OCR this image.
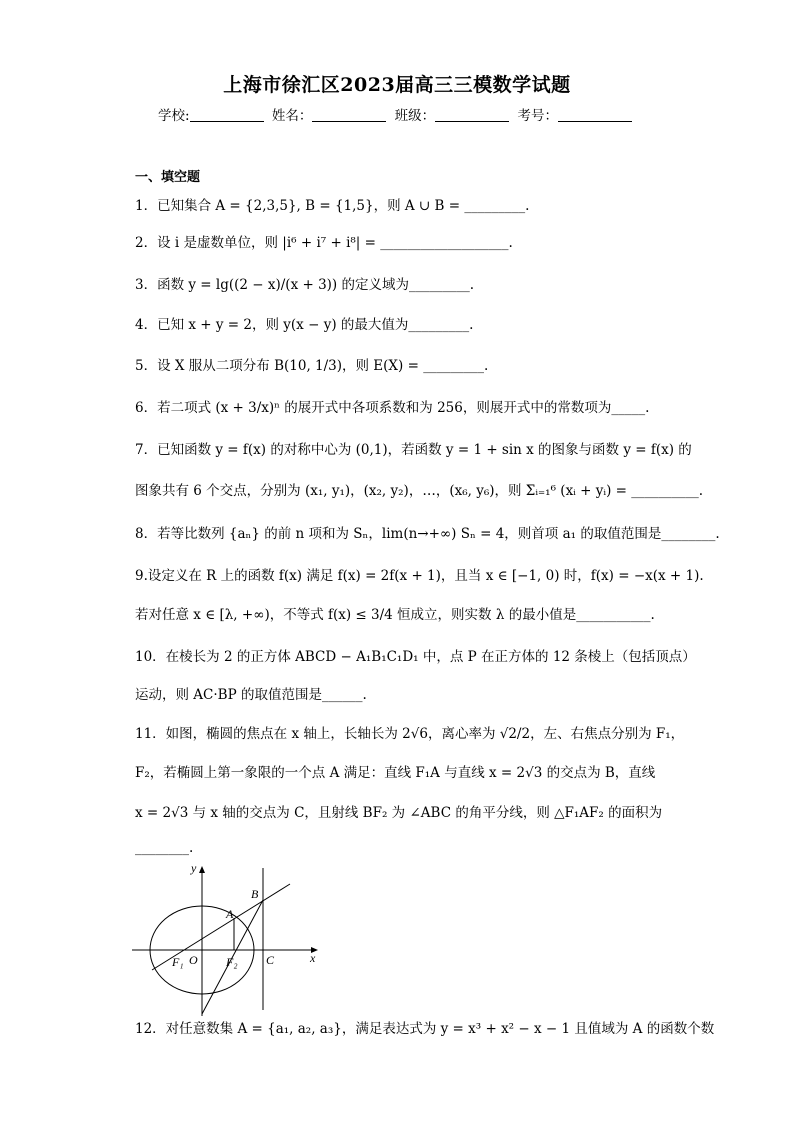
上海市徐汇区2023届高三三模数学试题
学校:	姓名：	班级：	考号：
一、填空题
1．已知集合 A = {2,3,5}, B = {1,5}，则 A ∪ B = _________.
2．设 i 是虚数单位，则 |i⁶ + i⁷ + i⁸| = ___________________.
3．函数 y = lg((2 − x)/(x + 3)) 的定义域为_________.
4．已知 x + y = 2，则 y(x − y) 的最大值为_________.
5．设 X 服从二项分布 B(10, 1/3)，则 E(X) = _________.
6．若二项式 (x + 3/x)ⁿ 的展开式中各项系数和为 256，则展开式中的常数项为_____.
7．已知函数 y = f(x) 的对称中心为 (0,1)，若函数 y = 1 + sin x 的图象与函数 y = f(x) 的
图象共有 6 个交点，分别为 (x₁, y₁)，(x₂, y₂)，…，(x₆, y₆)，则 Σᵢ₌₁⁶ (xᵢ + yᵢ) = __________.
8．若等比数列 {aₙ} 的前 n 项和为 Sₙ，lim(n→+∞) Sₙ = 4，则首项 a₁ 的取值范围是________.
9.设定义在 R 上的函数 f(x) 满足 f(x) = 2f(x + 1)，且当 x ∈ [−1, 0) 时，f(x) = −x(x + 1).
若对任意 x ∈ [λ, +∞)，不等式 f(x) ≤ 3/4 恒成立，则实数 λ 的最小值是___________.
10．在棱长为 2 的正方体 ABCD − A₁B₁C₁D₁ 中，点 P 在正方体的 12 条棱上（包括顶点）
运动，则 AC·BP 的取值范围是______.
11．如图，椭圆的焦点在 x 轴上，长轴长为 2√6，离心率为 √2/2，左、右焦点分别为 F₁，
F₂，若椭圆上第一象限的一个点 A 满足：直线 F₁A 与直线 x = 2√3 的交点为 B，直线
x = 2√3 与 x 轴的交点为 C，且射线 BF₂ 为 ∠ABC 的角平分线，则 △F₁AF₂ 的面积为
________.
A
B
C
O
F₁	F₂
y
x
12．对任意数集 A = {a₁, a₂, a₃}，满足表达式为 y = x³ + x² − x − 1 且值域为 A 的函数个数
